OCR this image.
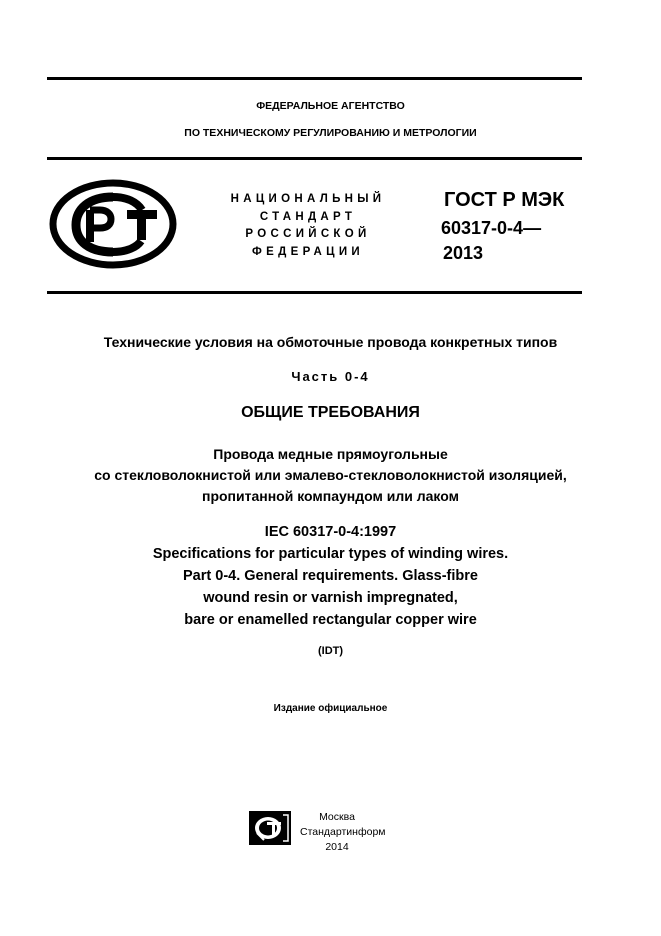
ФЕДЕРАЛЬНОЕ АГЕНТСТВО
ПО ТЕХНИЧЕСКОМУ РЕГУЛИРОВАНИЮ И МЕТРОЛОГИИ
НАЦИОНАЛЬНЫЙ
СТАНДАРТ
РОССИЙСКОЙ
ФЕДЕРАЦИИ
ГОСТ Р МЭК
60317-0-4—
2013
Технические условия на обмоточные провода конкретных типов
Часть 0-4
ОБЩИЕ ТРЕБОВАНИЯ
Провода медные прямоугольные
со стекловолокнистой или эмалево-стекловолокнистой изоляцией,
пропитанной компаундом или лаком
IEC 60317-0-4:1997
Specifications for particular types of winding wires.
Part 0-4. General requirements. Glass-fibre
wound resin or varnish impregnated,
bare or enamelled rectangular copper wire
(IDT)
Издание официальное
Москва
Стандартинформ
2014
